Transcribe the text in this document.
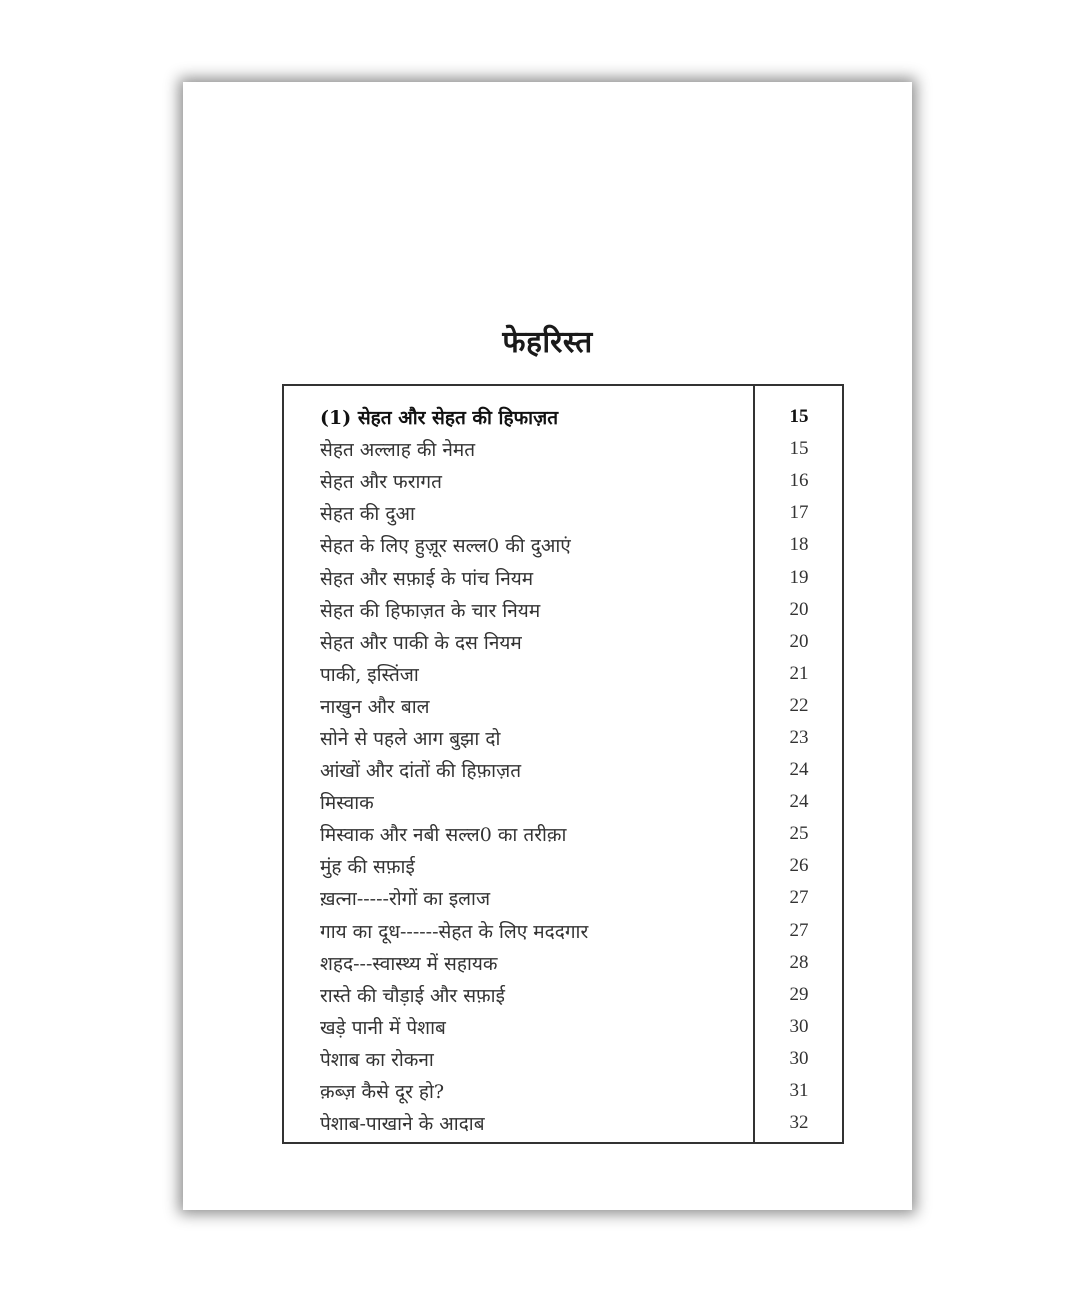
फेहरिस्त
(1) सेहत और सेहत की हिफाज़त	15
सेहत अल्लाह की नेमत	15
सेहत और फरागत	16
सेहत की दुआ	17
सेहत के लिए हुज़ूर सल्ल0 की दुआएं	18
सेहत और सफ़ाई के पांच नियम	19
सेहत की हिफाज़त के चार नियम	20
सेहत और पाकी के दस नियम	20
पाकी, इस्तिंजा	21
नाखुन और बाल	22
सोने से पहले आग बुझा दो	23
आंखों और दांतों की हिफ़ाज़त	24
मिस्वाक	24
मिस्वाक और नबी सल्ल0 का तरीक़ा	25
मुंह की सफ़ाई	26
ख़त्ना-----रोगों का इलाज	27
गाय का दूध------सेहत के लिए मददगार	27
शहद---स्वास्थ्य में सहायक	28
रास्ते की चौड़ाई और सफ़ाई	29
खड़े पानी में पेशाब	30
पेशाब का रोकना	30
क़ब्ज़ कैसे दूर हो?	31
पेशाब-पाखाने के आदाब	32
